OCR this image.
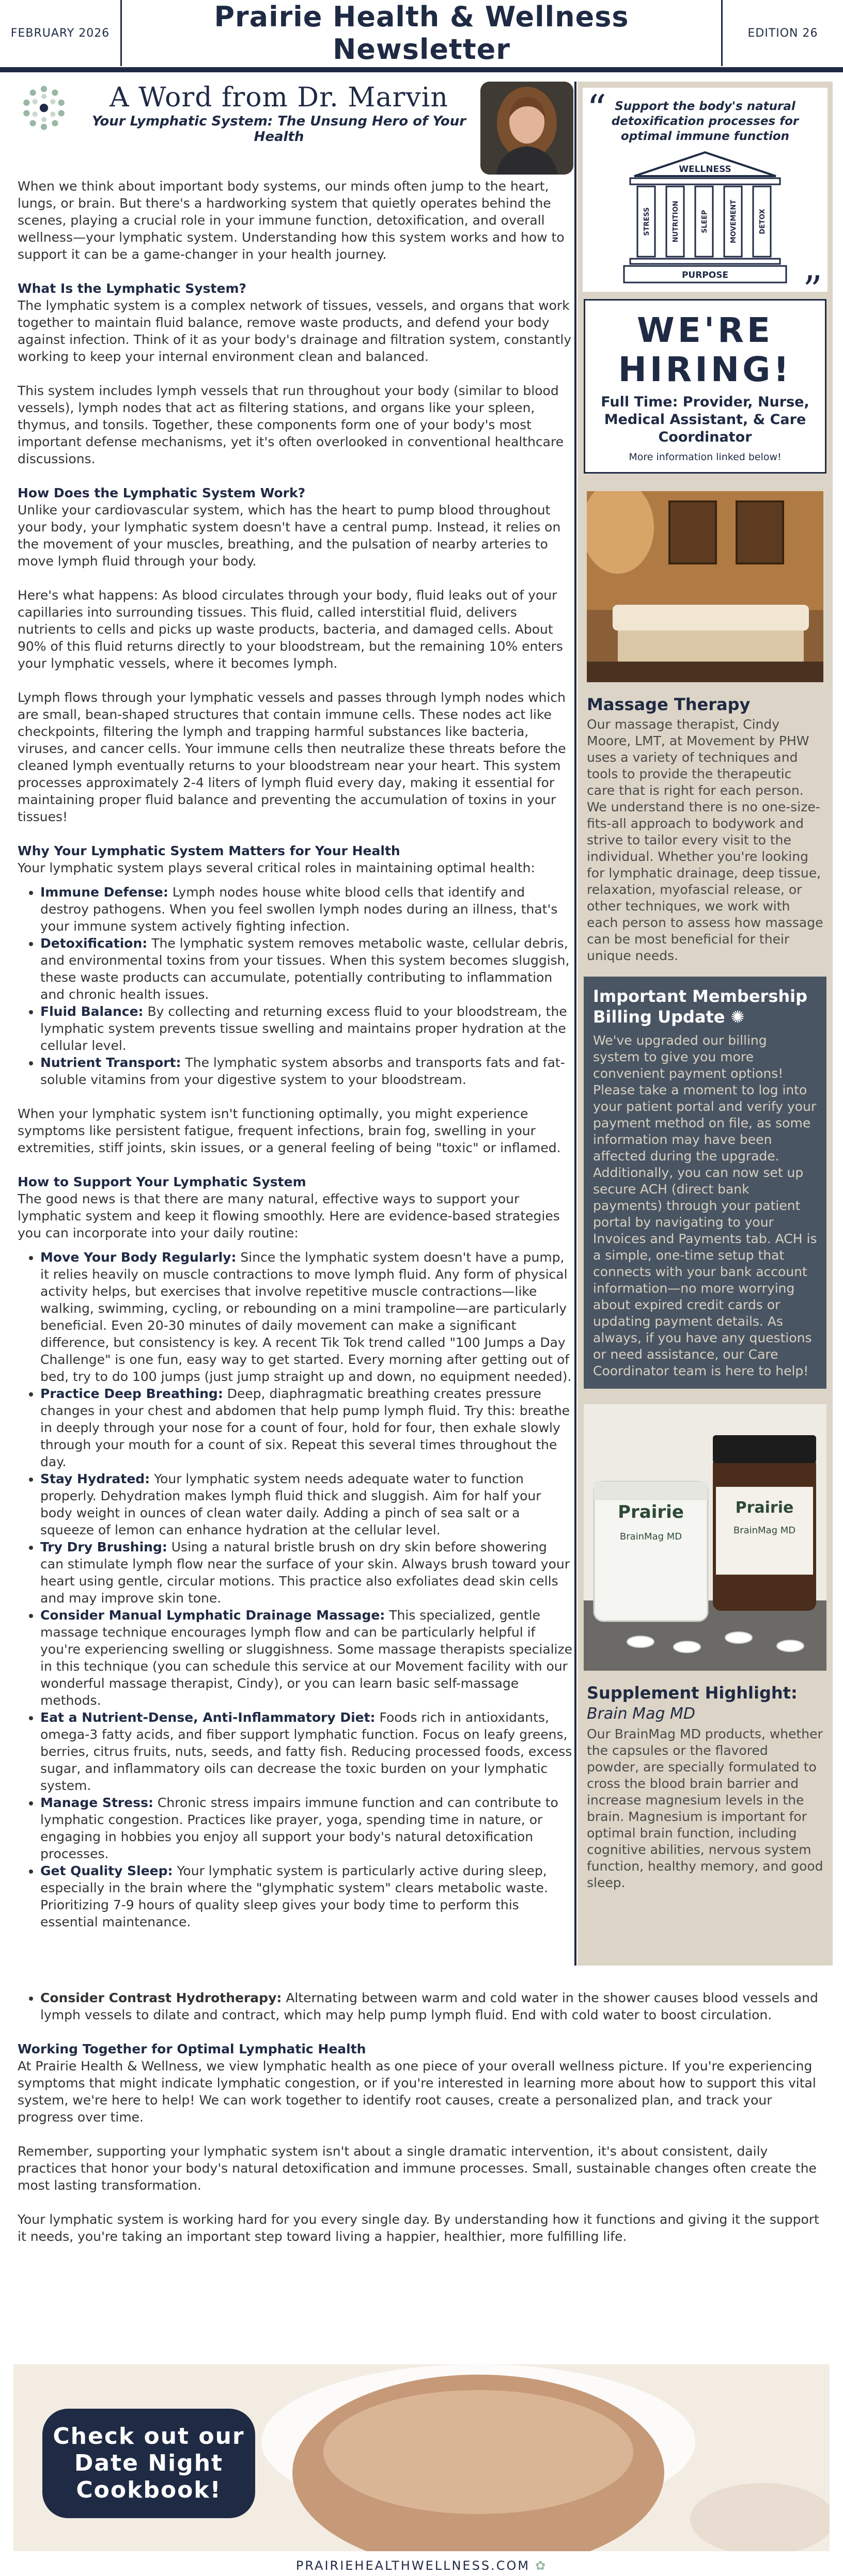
FEBRUARY 2026	Prairie Health & Wellness Newsletter	EDITION 26
A Word from Dr. Marvin
Your Lymphatic System: The Unsung Hero of Your Health

When we think about important body systems, our minds often jump to the heart, lungs, or brain. But there's a hardworking system that quietly operates behind the scenes, playing a crucial role in your immune function, detoxification, and overall wellness—your lymphatic system. Understanding how this system works and how to support it can be a game-changer in your health journey.

What Is the Lymphatic System?

The lymphatic system is a complex network of tissues, vessels, and organs that work together to maintain fluid balance, remove waste products, and defend your body against infection. Think of it as your body's drainage and filtration system, constantly working to keep your internal environment clean and balanced.

This system includes lymph vessels that run throughout your body (similar to blood vessels), lymph nodes that act as filtering stations, and organs like your spleen, thymus, and tonsils. Together, these components form one of your body's most important defense mechanisms, yet it's often overlooked in conventional healthcare discussions.

How Does the Lymphatic System Work?

Unlike your cardiovascular system, which has the heart to pump blood throughout your body, your lymphatic system doesn't have a central pump. Instead, it relies on the movement of your muscles, breathing, and the pulsation of nearby arteries to move lymph fluid through your body.

Here's what happens: As blood circulates through your body, fluid leaks out of your capillaries into surrounding tissues. This fluid, called interstitial fluid, delivers nutrients to cells and picks up waste products, bacteria, and damaged cells. About 90% of this fluid returns directly to your bloodstream, but the remaining 10% enters your lymphatic vessels, where it becomes lymph.

Lymph flows through your lymphatic vessels and passes through lymph nodes which are small, bean-shaped structures that contain immune cells. These nodes act like checkpoints, filtering the lymph and trapping harmful substances like bacteria, viruses, and cancer cells. Your immune cells then neutralize these threats before the cleaned lymph eventually returns to your bloodstream near your heart. This system processes approximately 2-4 liters of lymph fluid every day, making it essential for maintaining proper fluid balance and preventing the accumulation of toxins in your tissues!

Why Your Lymphatic System Matters for Your Health
Your lymphatic system plays several critical roles in maintaining optimal health:
• Immune Defense: Lymph nodes house white blood cells that identify and destroy pathogens. When you feel swollen lymph nodes during an illness, that's your immune system actively fighting infection.
• Detoxification: The lymphatic system removes metabolic waste, cellular debris, and environmental toxins from your tissues. When this system becomes sluggish, these waste products can accumulate, potentially contributing to inflammation and chronic health issues.
• Fluid Balance: By collecting and returning excess fluid to your bloodstream, the lymphatic system prevents tissue swelling and maintains proper hydration at the cellular level.
• Nutrient Transport: The lymphatic system absorbs and transports fats and fat-soluble vitamins from your digestive system to your bloodstream.

When your lymphatic system isn't functioning optimally, you might experience symptoms like persistent fatigue, frequent infections, brain fog, swelling in your extremities, stiff joints, skin issues, or a general feeling of being "toxic" or inflamed.

How to Support Your Lymphatic System
The good news is that there are many natural, effective ways to support your lymphatic system and keep it flowing smoothly. Here are evidence-based strategies you can incorporate into your daily routine:
• Move Your Body Regularly: Since the lymphatic system doesn't have a pump, it relies heavily on muscle contractions to move lymph fluid. Any form of physical activity helps, but exercises that involve repetitive muscle contractions—like walking, swimming, cycling, or rebounding on a mini trampoline—are particularly beneficial. Even 20-30 minutes of daily movement can make a significant difference, but consistency is key. A recent Tik Tok trend called "100 Jumps a Day Challenge" is one fun, easy way to get started. Every morning after getting out of bed, try to do 100 jumps (just jump straight up and down, no equipment needed).
• Practice Deep Breathing: Deep, diaphragmatic breathing creates pressure changes in your chest and abdomen that help pump lymph fluid. Try this: breathe in deeply through your nose for a count of four, hold for four, then exhale slowly through your mouth for a count of six. Repeat this several times throughout the day.
• Stay Hydrated: Your lymphatic system needs adequate water to function properly. Dehydration makes lymph fluid thick and sluggish. Aim for half your body weight in ounces of clean water daily. Adding a pinch of sea salt or a squeeze of lemon can enhance hydration at the cellular level.
• Try Dry Brushing: Using a natural bristle brush on dry skin before showering can stimulate lymph flow near the surface of your skin. Always brush toward your heart using gentle, circular motions. This practice also exfoliates dead skin cells and may improve skin tone.
• Consider Manual Lymphatic Drainage Massage: This specialized, gentle massage technique encourages lymph flow and can be particularly helpful if you're experiencing swelling or sluggishness. Some massage therapists specialize in this technique (you can schedule this service at our Movement facility with our wonderful massage therapist, Cindy), or you can learn basic self-massage methods.
• Eat a Nutrient-Dense, Anti-Inflammatory Diet: Foods rich in antioxidants, omega-3 fatty acids, and fiber support lymphatic function. Focus on leafy greens, berries, citrus fruits, nuts, seeds, and fatty fish. Reducing processed foods, excess sugar, and inflammatory oils can decrease the toxic burden on your lymphatic system.
• Manage Stress: Chronic stress impairs immune function and can contribute to lymphatic congestion. Practices like prayer, yoga, spending time in nature, or engaging in hobbies you enjoy all support your body's natural detoxification processes.
• Get Quality Sleep: Your lymphatic system is particularly active during sleep, especially in the brain where the "glymphatic system" clears metabolic waste. Prioritizing 7-9 hours of quality sleep gives your body time to perform this essential maintenance.
“ Support the body's natural detoxification processes for optimal immune function
”
WELLNESS
STRESS	NUTRITION	SLEEP	MOVEMENT	DETOX
PURPOSE
WE'RE HIRING!
Full Time: Provider, Nurse, Medical Assistant, & Care Coordinator
More information linked below!
Massage Therapy
Our massage therapist, Cindy Moore, LMT, at Movement by PHW uses a variety of techniques and tools to provide the therapeutic care that is right for each person. We understand there is no one-size-fits-all approach to bodywork and strive to tailor every visit to the individual. Whether you're looking for lymphatic drainage, deep tissue, relaxation, myofascial release, or other techniques, we work with each person to assess how massage can be most beneficial for their unique needs.
Important Membership Billing Update ✺
We've upgraded our billing system to give you more convenient payment options! Please take a moment to log into your patient portal and verify your payment method on file, as some information may have been affected during the upgrade. Additionally, you can now set up secure ACH (direct bank payments) through your patient portal by navigating to your Invoices and Payments tab. ACH is a simple, one-time setup that connects with your bank account information—no more worrying about expired credit cards or updating payment details. As always, if you have any questions or need assistance, our Care Coordinator team is here to help!
Prairie
BrainMag MD
Prairie
BrainMag MD
Supplement Highlight:
Brain Mag MD
Our BrainMag MD products, whether the capsules or the flavored powder, are specially formulated to cross the blood brain barrier and increase magnesium levels in the brain. Magnesium is important for optimal brain function, including cognitive abilities, nervous system function, healthy memory, and good sleep.
• Consider Contrast Hydrotherapy: Alternating between warm and cold water in the shower causes blood vessels and lymph vessels to dilate and contract, which may help pump lymph fluid. End with cold water to boost circulation.
Working Together for Optimal Lymphatic Health

At Prairie Health & Wellness, we view lymphatic health as one piece of your overall wellness picture. If you're experiencing symptoms that might indicate lymphatic congestion, or if you're interested in learning more about how to support this vital system, we're here to help! We can work together to identify root causes, create a personalized plan, and track your progress over time.

Remember, supporting your lymphatic system isn't about a single dramatic intervention, it's about consistent, daily practices that honor your body's natural detoxification and immune processes. Small, sustainable changes often create the most lasting transformation.

Your lymphatic system is working hard for you every single day. By understanding how it functions and giving it the support it needs, you're taking an important step toward living a happier, healthier, more fulfilling life.

Check out our Date Night Cookbook!
PRAIRIEHEALTHWELLNESS.COM ✿
